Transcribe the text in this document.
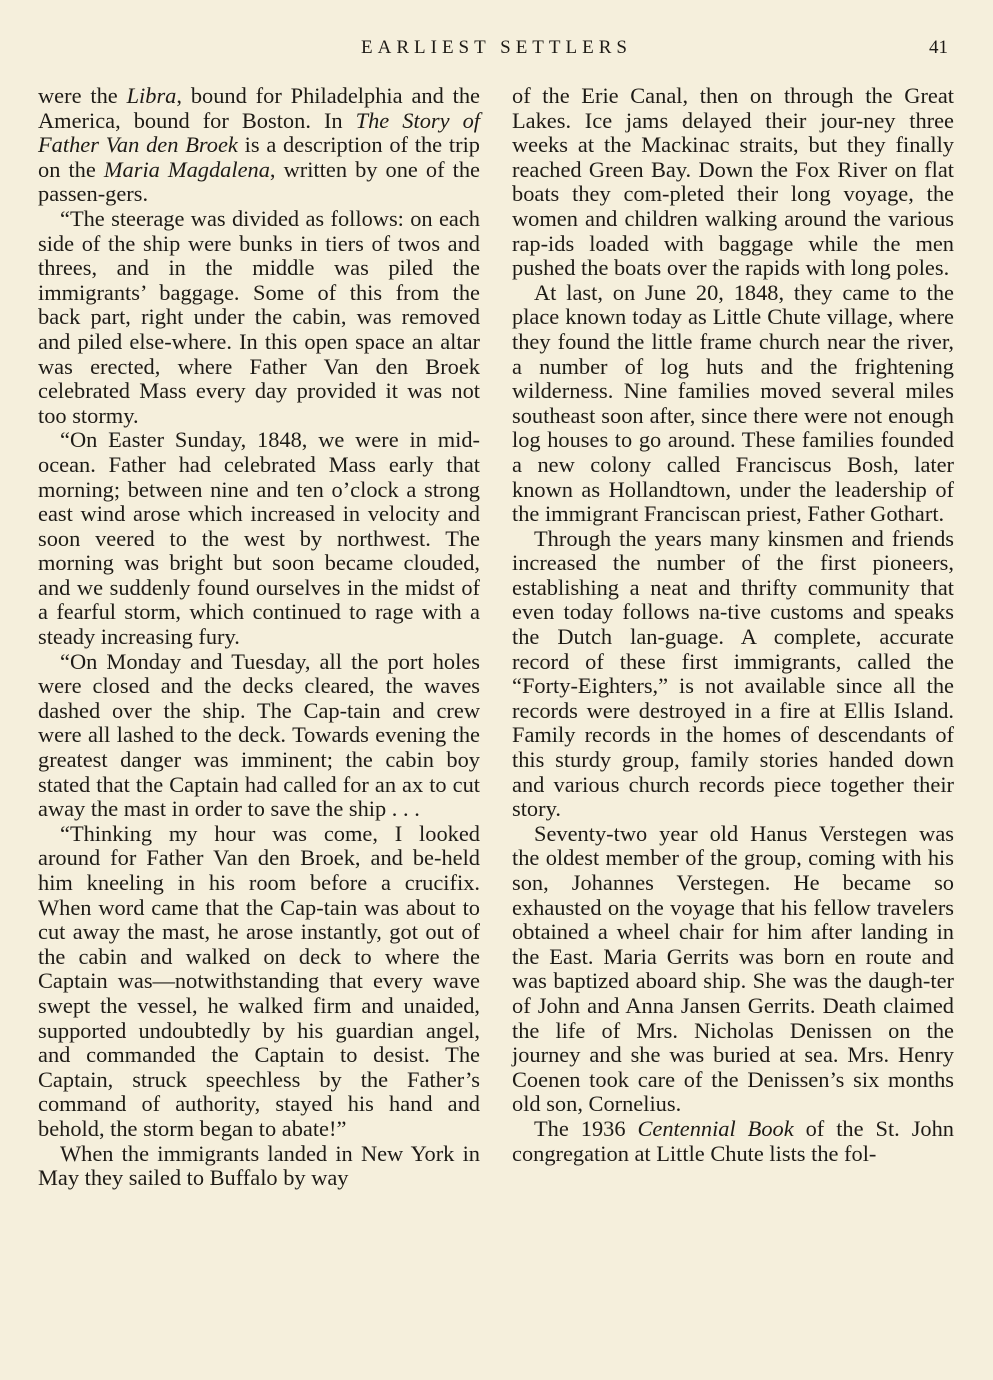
EARLIEST SETTLERS	41

were the Libra, bound for Philadelphia and the America, bound for Boston. In The Story of Father Van den Broek is a description of the trip on the Maria Magdalena, written by one of the passen-gers.

“The steerage was divided as follows: on each side of the ship were bunks in tiers of twos and threes, and in the middle was piled the immigrants’ baggage. Some of this from the back part, right under the cabin, was removed and piled else-where. In this open space an altar was erected, where Father Van den Broek celebrated Mass every day provided it was not too stormy.

“On Easter Sunday, 1848, we were in mid-ocean. Father had celebrated Mass early that morning; between nine and ten o’clock a strong east wind arose which increased in velocity and soon veered to the west by northwest. The morning was bright but soon became clouded, and we suddenly found ourselves in the midst of a fearful storm, which continued to rage with a steady increasing fury.

“On Monday and Tuesday, all the port holes were closed and the decks cleared, the waves dashed over the ship. The Cap-tain and crew were all lashed to the deck. Towards evening the greatest danger was imminent; the cabin boy stated that the Captain had called for an ax to cut away the mast in order to save the ship . . .

“Thinking my hour was come, I looked around for Father Van den Broek, and be-held him kneeling in his room before a crucifix. When word came that the Cap-tain was about to cut away the mast, he arose instantly, got out of the cabin and walked on deck to where the Captain was—notwithstanding that every wave swept the vessel, he walked firm and unaided, supported undoubtedly by his guardian angel, and commanded the Captain to desist. The Captain, struck speechless by the Father’s command of authority, stayed his hand and behold, the storm began to abate!”

When the immigrants landed in New York in May they sailed to Buffalo by way

of the Erie Canal, then on through the Great Lakes. Ice jams delayed their jour-ney three weeks at the Mackinac straits, but they finally reached Green Bay. Down the Fox River on flat boats they com-pleted their long voyage, the women and children walking around the various rap-ids loaded with baggage while the men pushed the boats over the rapids with long poles.

At last, on June 20, 1848, they came to the place known today as Little Chute village, where they found the little frame church near the river, a number of log huts and the frightening wilderness. Nine families moved several miles southeast soon after, since there were not enough log houses to go around. These families founded a new colony called Franciscus Bosh, later known as Hollandtown, under the leadership of the immigrant Franciscan priest, Father Gothart.

Through the years many kinsmen and friends increased the number of the first pioneers, establishing a neat and thrifty community that even today follows na-tive customs and speaks the Dutch lan-guage. A complete, accurate record of these first immigrants, called the “Forty-Eighters,” is not available since all the records were destroyed in a fire at Ellis Island. Family records in the homes of descendants of this sturdy group, family stories handed down and various church records piece together their story.

Seventy-two year old Hanus Verstegen was the oldest member of the group, coming with his son, Johannes Verstegen. He became so exhausted on the voyage that his fellow travelers obtained a wheel chair for him after landing in the East. Maria Gerrits was born en route and was baptized aboard ship. She was the daugh-ter of John and Anna Jansen Gerrits. Death claimed the life of Mrs. Nicholas Denissen on the journey and she was buried at sea. Mrs. Henry Coenen took care of the Denissen’s six months old son, Cornelius.

The 1936 Centennial Book of the St. John congregation at Little Chute lists the fol-
